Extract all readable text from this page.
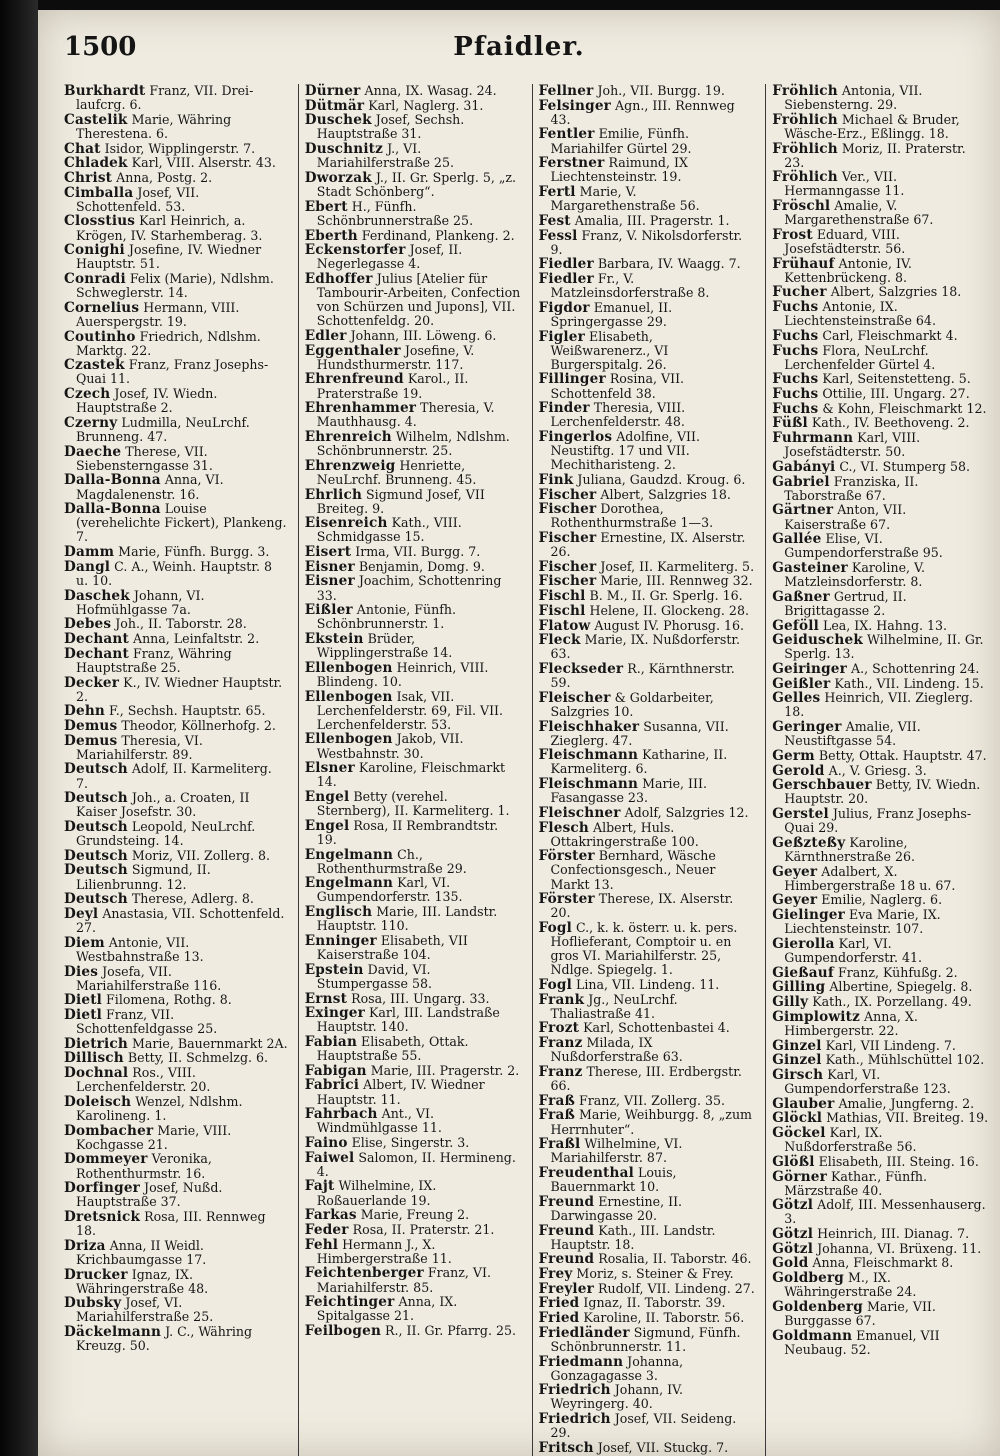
1500	Pfaidler.

Burkhardt Franz, VII. Drei-laufcrg. 6.

Castelik Marie, Währing Therestena. 6.

Chat Isidor, Wipplingerstr. 7.

Chladek Karl, VIII. Alserstr. 43.

Christ Anna, Postg. 2.

Cimballa Josef, VII. Schottenfeld. 53.

Closstius Karl Heinrich, a. Krögen, IV. Starhemberag. 3.

Conighi Josefine, IV. Wiedner Hauptstr. 51.

Conradi Felix (Marie), Ndlshm. Schweglerstr. 14.

Cornelius Hermann, VIII. Auerspergstr. 19.

Coutinho Friedrich, Ndlshm. Marktg. 22.

Czastek Franz, Franz Josephs-Quai 11.

Czech Josef, IV. Wiedn. Hauptstraße 2.

Czerny Ludmilla, NeuLrchf. Brunneng. 47.

Daeche Therese, VII. Siebensterngasse 31.

Dalla-Bonna Anna, VI. Magdalenenstr. 16.

Dalla-Bonna Louise (verehelichte Fickert), Plankeng. 7.

Damm Marie, Fünfh. Burgg. 3.

Dangl C. A., Weinh. Hauptstr. 8 u. 10.

Daschek Johann, VI. Hofmühlgasse 7a.

Debes Joh., II. Taborstr. 28.

Dechant Anna, Leinfaltstr. 2.

Dechant Franz, Währing Hauptstraße 25.

Decker K., IV. Wiedner Hauptstr. 2.

Dehn F., Sechsh. Hauptstr. 65.

Demus Theodor, Köllnerhofg. 2.

Demus Theresia, VI. Mariahilferstr. 89.

Deutsch Adolf, II. Karmeliterg. 7.

Deutsch Joh., a. Croaten, II Kaiser Josefstr. 30.

Deutsch Leopold, NeuLrchf. Grundsteing. 14.

Deutsch Moriz, VII. Zollerg. 8.

Deutsch Sigmund, II. Lilienbrunng. 12.

Deutsch Therese, Adlerg. 8.

Deyl Anastasia, VII. Schottenfeld. 27.

Diem Antonie, VII. Westbahnstraße 13.

Dies Josefa, VII. Mariahilferstraße 116.

Dietl Filomena, Rothg. 8.

Dietl Franz, VII. Schottenfeldgasse 25.

Dietrich Marie, Bauernmarkt 2A.

Dillisch Betty, II. Schmelzg. 6.

Dochnal Ros., VIII. Lerchenfelderstr. 20.

Doleisch Wenzel, Ndlshm. Karolineng. 1.

Dombacher Marie, VIII. Kochgasse 21.

Dommeyer Veronika, Rothenthurmstr. 16.

Dorfinger Josef, Nußd. Hauptstraße 37.

Dretsnick Rosa, III. Rennweg 18.

Driza Anna, II Weidl. Krichbaumgasse 17.

Drucker Ignaz, IX. Währingerstraße 48.

Dubsky Josef, VI. Mariahilferstraße 25.

Däckelmann J. C., Währing Kreuzg. 50.

Dürner Anna, IX. Wasag. 24.

Dütmär Karl, Naglerg. 31.

Duschek Josef, Sechsh. Hauptstraße 31.

Duschnitz J., VI. Mariahilferstraße 25.

Dworzak J., II. Gr. Sperlg. 5, „z. Stadt Schönberg“.

Ebert H., Fünfh. Schönbrunnerstraße 25.

Eberth Ferdinand, Plankeng. 2.

Eckenstorfer Josef, II. Negerlegasse 4.

Edhoffer Julius [Atelier für Tambourir-Arbeiten, Confection von Schürzen und Jupons], VII. Schottenfeldg. 20.

Edler Johann, III. Löweng. 6.

Eggenthaler Josefine, V. Hundsthurmerstr. 117.

Ehrenfreund Karol., II. Praterstraße 19.

Ehrenhammer Theresia, V. Mauthhausg. 4.

Ehrenreich Wilhelm, Ndlshm. Schönbrunnerstr. 25.

Ehrenzweig Henriette, NeuLrchf. Brunneng. 45.

Ehrlich Sigmund Josef, VII Breiteg. 9.

Eisenreich Kath., VIII. Schmidgasse 15.

Eisert Irma, VII. Burgg. 7.

Eisner Benjamin, Domg. 9.

Eisner Joachim, Schottenring 33.

Eißler Antonie, Fünfh. Schönbrunnerstr. 1.

Ekstein Brüder, Wipplingerstraße 14.

Ellenbogen Heinrich, VIII. Blindeng. 10.

Ellenbogen Isak, VII. Lerchenfelderstr. 69, Fil. VII. Lerchenfelderstr. 53.

Ellenbogen Jakob, VII. Westbahnstr. 30.

Elsner Karoline, Fleischmarkt 14.

Engel Betty (verehel. Sternberg), II. Karmeliterg. 1.

Engel Rosa, II Rembrandtstr. 19.

Engelmann Ch., Rothenthurmstraße 29.

Engelmann Karl, VI. Gumpendorferstr. 135.

Englisch Marie, III. Landstr. Hauptstr. 110.

Enninger Elisabeth, VII Kaiserstraße 104.

Epstein David, VI. Stumpergasse 58.

Ernst Rosa, III. Ungarg. 33.

Exinger Karl, III. Landstraße Hauptstr. 140.

Fabian Elisabeth, Ottak. Hauptstraße 55.

Fabigan Marie, III. Pragerstr. 2.

Fabrici Albert, IV. Wiedner Hauptstr. 11.

Fahrbach Ant., VI. Windmühlgasse 11.

Faino Elise, Singerstr. 3.

Faiwel Salomon, II. Hermineng. 4.

Fajt Wilhelmine, IX. Roßauerlande 19.

Farkas Marie, Freung 2.

Feder Rosa, II. Praterstr. 21.

Fehl Hermann J., X. Himbergerstraße 11.

Feichtenberger Franz, VI. Mariahilferstr. 85.

Feichtinger Anna, IX. Spitalgasse 21.

Feilbogen R., II. Gr. Pfarrg. 25.

Fellner Joh., VII. Burgg. 19.

Felsinger Agn., III. Rennweg 43.

Fentler Emilie, Fünfh. Mariahilfer Gürtel 29.

Ferstner Raimund, IX Liechtensteinstr. 19.

Fertl Marie, V. Margarethenstraße 56.

Fest Amalia, III. Pragerstr. 1.

Fessl Franz, V. Nikolsdorferstr. 9.

Fiedler Barbara, IV. Waagg. 7.

Fiedler Fr., V. Matzleinsdorferstraße 8.

Figdor Emanuel, II. Springergasse 29.

Figler Elisabeth, Weißwarenerz., VI Burgerspitalg. 26.

Fillinger Rosina, VII. Schottenfeld 38.

Finder Theresia, VIII. Lerchenfelderstr. 48.

Fingerlos Adolfine, VII. Neustiftg. 17 und VII. Mechitharisteng. 2.

Fink Juliana, Gaudzd. Kroug. 6.

Fischer Albert, Salzgries 18.

Fischer Dorothea, Rothenthurmstraße 1—3.

Fischer Ernestine, IX. Alserstr. 26.

Fischer Josef, II. Karmeliterg. 5.

Fischer Marie, III. Rennweg 32.

Fischl B. M., II. Gr. Sperlg. 16.

Fischl Helene, II. Glockeng. 28.

Flatow August IV. Phorusg. 16.

Fleck Marie, IX. Nußdorferstr. 63.

Fleckseder R., Kärnthnerstr. 59.

Fleischer & Goldarbeiter, Salzgries 10.

Fleischhaker Susanna, VII. Zieglerg. 47.

Fleischmann Katharine, II. Karmeliterg. 6.

Fleischmann Marie, III. Fasangasse 23.

Fleischner Adolf, Salzgries 12.

Flesch Albert, Huls. Ottakringerstraße 100.

Förster Bernhard, Wäsche Confectionsgesch., Neuer Markt 13.

Förster Therese, IX. Alserstr. 20.

Fogl C., k. k. österr. u. k. pers. Hoflieferant, Comptoir u. en gros VI. Mariahilferstr. 25, Ndlge. Spiegelg. 1.

Fogl Lina, VII. Lindeng. 11.

Frank Jg., NeuLrchf. Thaliastraße 41.

Frozt Karl, Schottenbastei 4.

Franz Milada, IX Nußdorferstraße 63.

Franz Therese, III. Erdbergstr. 66.

Fraß Franz, VII. Zollerg. 35.

Fraß Marie, Weihburgg. 8, „zum Herrnhuter“.

Fraßl Wilhelmine, VI. Mariahilferstr. 87.

Freudenthal Louis, Bauernmarkt 10.

Freund Ernestine, II. Darwingasse 20.

Freund Kath., III. Landstr. Hauptstr. 18.

Freund Rosalia, II. Taborstr. 46.

Frey Moriz, s. Steiner & Frey.

Freyler Rudolf, VII. Lindeng. 27.

Fried Ignaz, II. Taborstr. 39.

Fried Karoline, II. Taborstr. 56.

Friedländer Sigmund, Fünfh. Schönbrunnerstr. 11.

Friedmann Johanna, Gonzagagasse 3.

Friedrich Johann, IV. Weyringerg. 40.

Friedrich Josef, VII. Seideng. 29.

Fritsch Josef, VII. Stuckg. 7.

Fröhlich Antonia, VII. Siebensterng. 29.

Fröhlich Michael & Bruder, Wäsche-Erz., Eßlingg. 18.

Fröhlich Moriz, II. Praterstr. 23.

Fröhlich Ver., VII. Hermanngasse 11.

Fröschl Amalie, V. Margarethenstraße 67.

Frost Eduard, VIII. Josefstädterstr. 56.

Frühauf Antonie, IV. Kettenbrückeng. 8.

Fucher Albert, Salzgries 18.

Fuchs Antonie, IX. Liechtensteinstraße 64.

Fuchs Carl, Fleischmarkt 4.

Fuchs Flora, NeuLrchf. Lerchenfelder Gürtel 4.

Fuchs Karl, Seitenstetteng. 5.

Fuchs Ottilie, III. Ungarg. 27.

Fuchs & Kohn, Fleischmarkt 12.

Füßl Kath., IV. Beethoveng. 2.

Fuhrmann Karl, VIII. Josefstädterstr. 50.

Gabányi C., VI. Stumperg 58.

Gabriel Franziska, II. Taborstraße 67.

Gärtner Anton, VII. Kaiserstraße 67.

Gallée Elise, VI. Gumpendorferstraße 95.

Gasteiner Karoline, V. Matzleinsdorferstr. 8.

Gaßner Gertrud, II. Brigittagasse 2.

Geföll Lea, IX. Hahng. 13.

Geiduschek Wilhelmine, II. Gr. Sperlg. 13.

Geiringer A., Schottenring 24.

Geißler Kath., VII. Lindeng. 15.

Gelles Heinrich, VII. Zieglerg. 18.

Geringer Amalie, VII. Neustiftgasse 54.

Germ Betty, Ottak. Hauptstr. 47.

Gerold A., V. Griesg. 3.

Gerschbauer Betty, IV. Wiedn. Hauptstr. 20.

Gerstel Julius, Franz Josephs-Quai 29.

Geßzteßy Karoline, Kärnthnerstraße 26.

Geyer Adalbert, X. Himbergerstraße 18 u. 67.

Geyer Emilie, Naglerg. 6.

Gielinger Eva Marie, IX. Liechtensteinstr. 107.

Gierolla Karl, VI. Gumpendorferstr. 41.

Gießauf Franz, Kühfußg. 2.

Gilling Albertine, Spiegelg. 8.

Gilly Kath., IX. Porzellang. 49.

Gimplowitz Anna, X. Himbergerstr. 22.

Ginzel Karl, VII Lindeng. 7.

Ginzel Kath., Mühlschüttel 102.

Girsch Karl, VI. Gumpendorferstraße 123.

Glauber Amalie, Jungferng. 2.

Glöckl Mathias, VII. Breiteg. 19.

Göckel Karl, IX. Nußdorferstraße 56.

Glößl Elisabeth, III. Steing. 16.

Görner Kathar., Fünfh. Märzstraße 40.

Götzl Adolf, III. Messenhauserg. 3.

Götzl Heinrich, III. Dianag. 7.

Götzl Johanna, VI. Brüxeng. 11.

Gold Anna, Fleischmarkt 8.

Goldberg M., IX. Währingerstraße 24.

Goldenberg Marie, VII. Burggasse 67.

Goldmann Emanuel, VII Neubaug. 52.
